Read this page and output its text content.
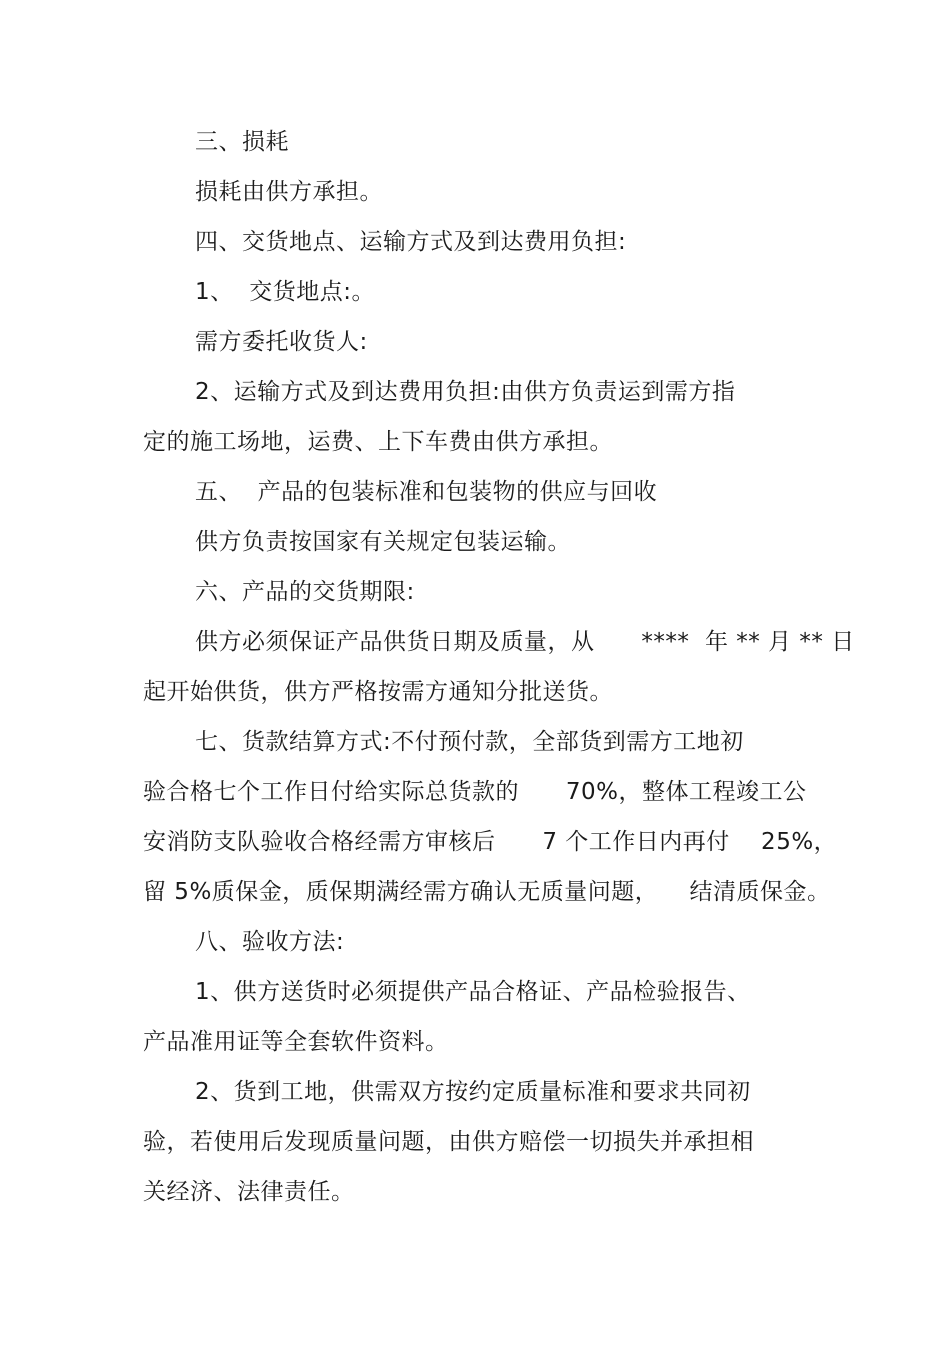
三、损耗
损耗由供方承担。
四、交货地点、运输方式及到达费用负担:
1、  交货地点:。
需方委托收货人:
2、运输方式及到达费用负担:由供方负责运到需方指
定的施工场地，运费、上下车费由供方承担。
五、  产品的包装标准和包装物的供应与回收
供方负责按国家有关规定包装运输。
六、产品的交货期限:
供方必须保证产品供货日期及质量，从      ****  年 ** 月 ** 日
起开始供货，供方严格按需方通知分批送货。
七、货款结算方式:不付预付款，全部货到需方工地初
验合格七个工作日付给实际总货款的      70%，整体工程竣工公
安消防支队验收合格经需方审核后      7 个工作日内再付    25%，
留 5%质保金，质保期满经需方确认无质量问题，    结清质保金。
八、验收方法:
1、供方送货时必须提供产品合格证、产品检验报告、
产品准用证等全套软件资料。
2、货到工地，供需双方按约定质量标准和要求共同初
验，若使用后发现质量问题，由供方赔偿一切损失并承担相
关经济、法律责任。
